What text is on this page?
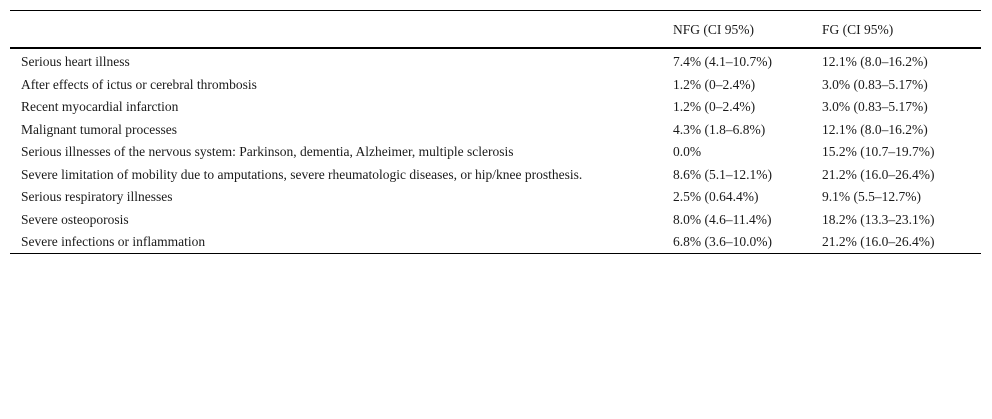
	NFG (CI 95%)	FG (CI 95%)
Serious heart illness	7.4% (4.1–10.7%)	12.1% (8.0–16.2%)
After effects of ictus or cerebral thrombosis	1.2% (0–2.4%)	3.0% (0.83–5.17%)
Recent myocardial infarction	1.2% (0–2.4%)	3.0% (0.83–5.17%)
Malignant tumoral processes	4.3% (1.8–6.8%)	12.1% (8.0–16.2%)
Serious illnesses of the nervous system: Parkinson, dementia, Alzheimer, multiple sclerosis	0.0%	15.2% (10.7–19.7%)
Severe limitation of mobility due to amputations, severe rheumatologic diseases, or hip/knee prosthesis.	8.6% (5.1–12.1%)	21.2% (16.0–26.4%)
Serious respiratory illnesses	2.5% (0.64.4%)	9.1% (5.5–12.7%)
Severe osteoporosis	8.0% (4.6–11.4%)	18.2% (13.3–23.1%)
Severe infections or inflammation	6.8% (3.6–10.0%)	21.2% (16.0–26.4%)
